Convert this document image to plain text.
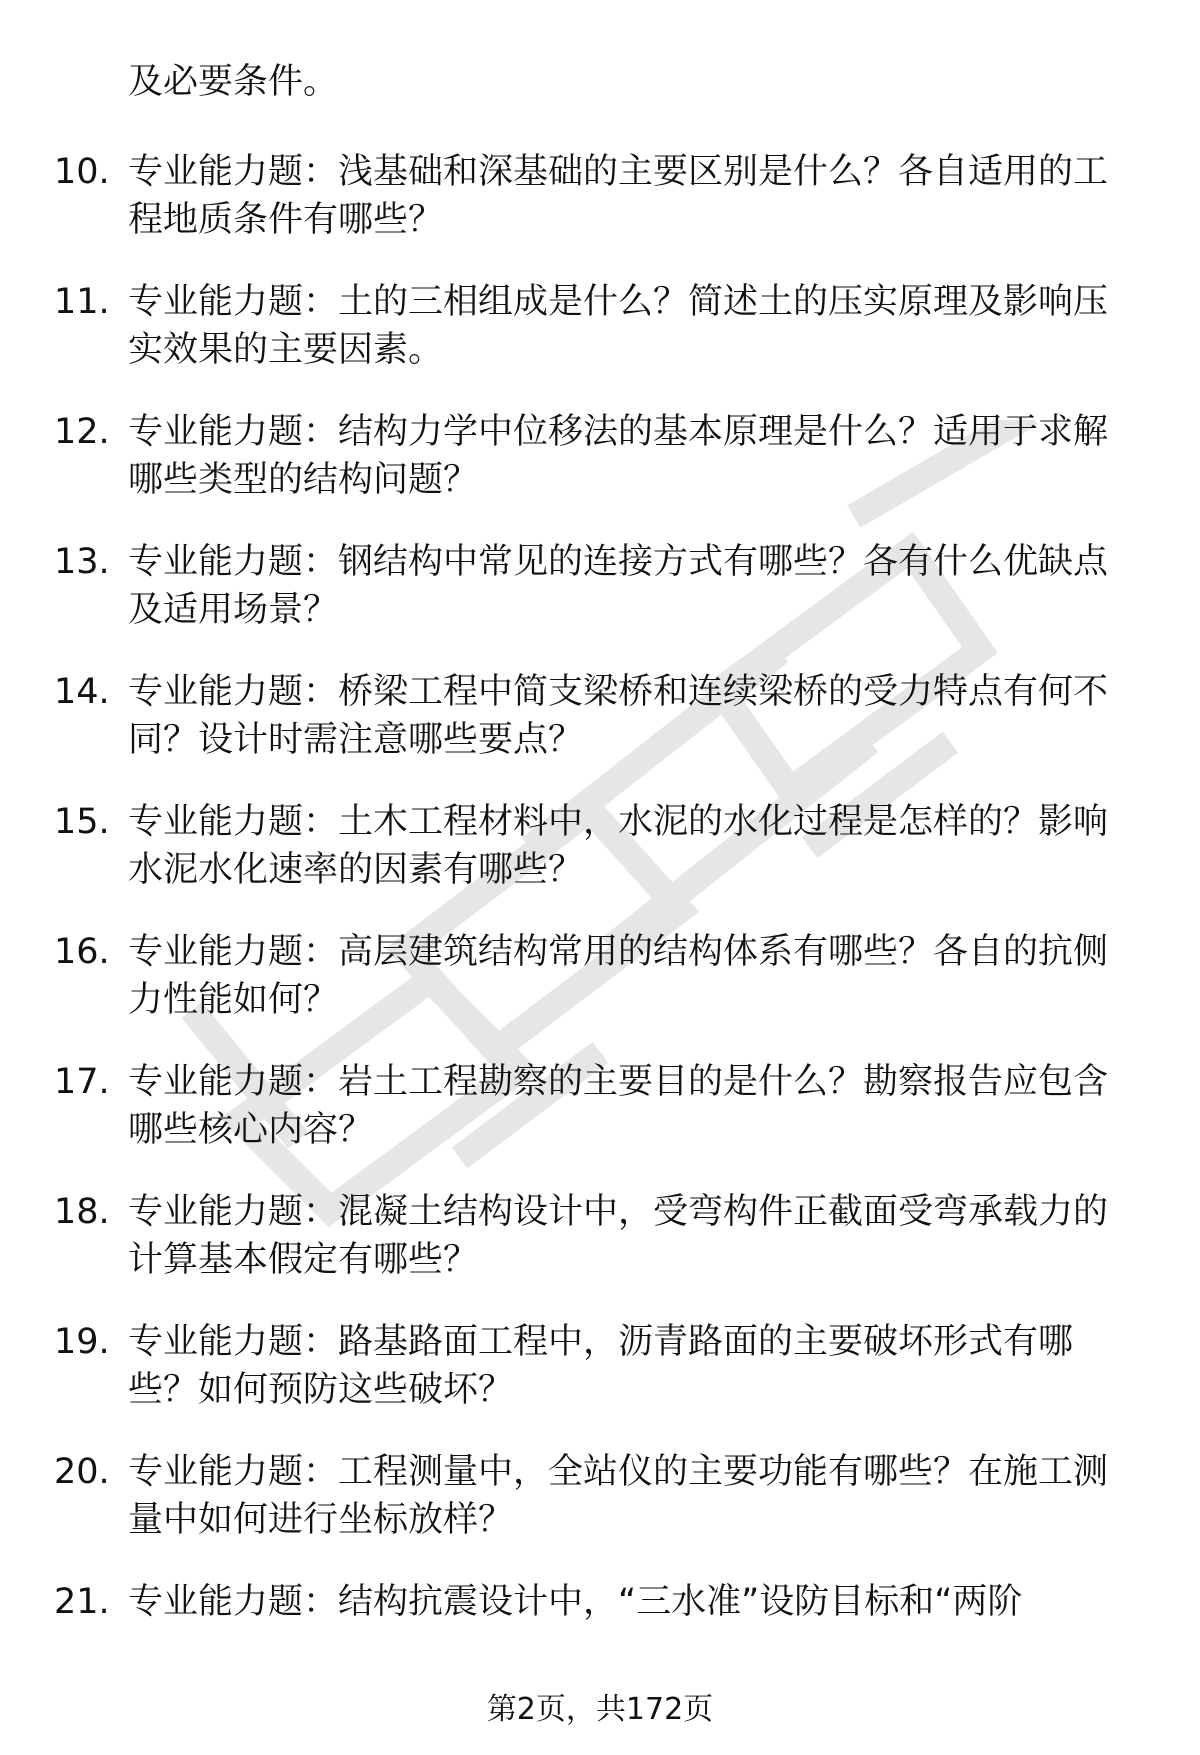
及必要条件。
10. 专业能力题：浅基础和深基础的主要区别是什么？各自适用的工程地质条件有哪些？
11. 专业能力题：土的三相组成是什么？简述土的压实原理及影响压实效果的主要因素。
12. 专业能力题：结构力学中位移法的基本原理是什么？适用于求解哪些类型的结构问题？
13. 专业能力题：钢结构中常见的连接方式有哪些？各有什么优缺点及适用场景？
14. 专业能力题：桥梁工程中简支梁桥和连续梁桥的受力特点有何不同？设计时需注意哪些要点？
15. 专业能力题：土木工程材料中，水泥的水化过程是怎样的？影响水泥水化速率的因素有哪些？
16. 专业能力题：高层建筑结构常用的结构体系有哪些？各自的抗侧力性能如何？
17. 专业能力题：岩土工程勘察的主要目的是什么？勘察报告应包含哪些核心内容？
18. 专业能力题：混凝土结构设计中，受弯构件正截面受弯承载力的计算基本假定有哪些？
19. 专业能力题：路基路面工程中，沥青路面的主要破坏形式有哪些？如何预防这些破坏？
20. 专业能力题：工程测量中，全站仪的主要功能有哪些？在施工测量中如何进行坐标放样？
21. 专业能力题：结构抗震设计中，“三水准”设防目标和“两阶
第2页，共172页
